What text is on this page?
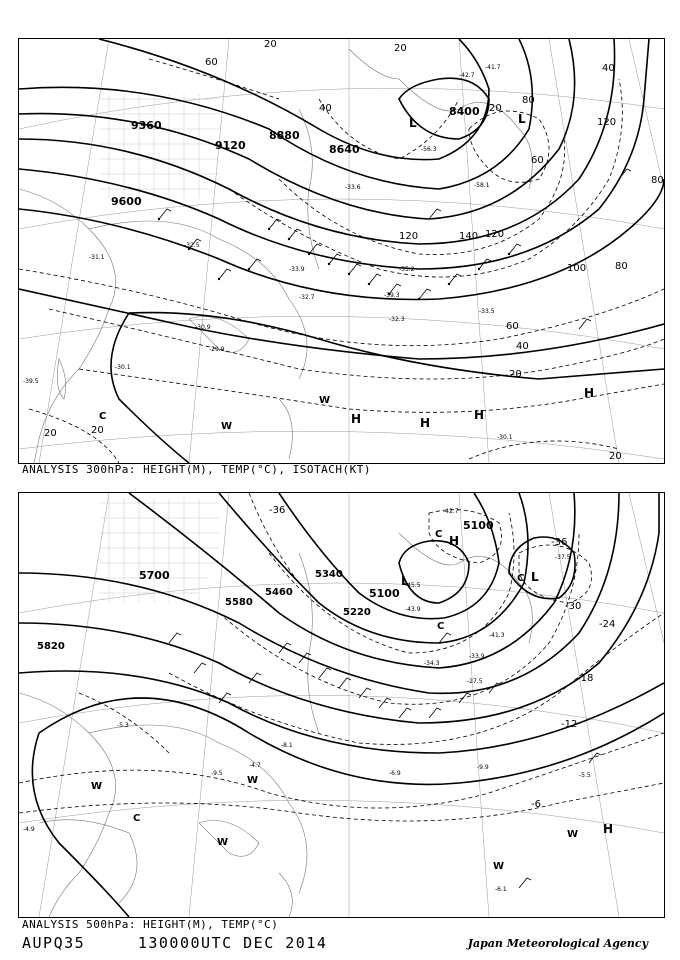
9600
9360
9120
8880
8640
8400
20
60
40
20
40
120
80
80
60
120	140 120
100	80
60
40
20
20	20
20
20
-35.2
-39.3
-32.3
-33.5
-29.9
-30.9
-30.1
-31.1
-32.7
-32.5
-33.9
-58.1
-56.3
-41.7
-42.7
-30.1
-33.6
-39.5
L
L
H	H
H
H
W
W
C
ANALYSIS 300hPa: HEIGHT(M), TEMP(°C), ISOTACH(KT)
5700
5580
5460
5340
5220
5100
5100
5820
-36
-36
-30
-24
-18
-12
-6
-42.7
-43.9
-45.5
-41.3
-33.9
-34.3
-27.5
-8.1
-6.9
-9.9
-5.5
-6.1
-4.7
-9.5
-5.3
-4.9
-37.5
H
L	L
C
C
C
H
W
W
W
W
W
C
ANALYSIS 500hPa: HEIGHT(M), TEMP(°C)
AUPQ35	130000UTC DEC 2014	Japan Meteorological Agency
